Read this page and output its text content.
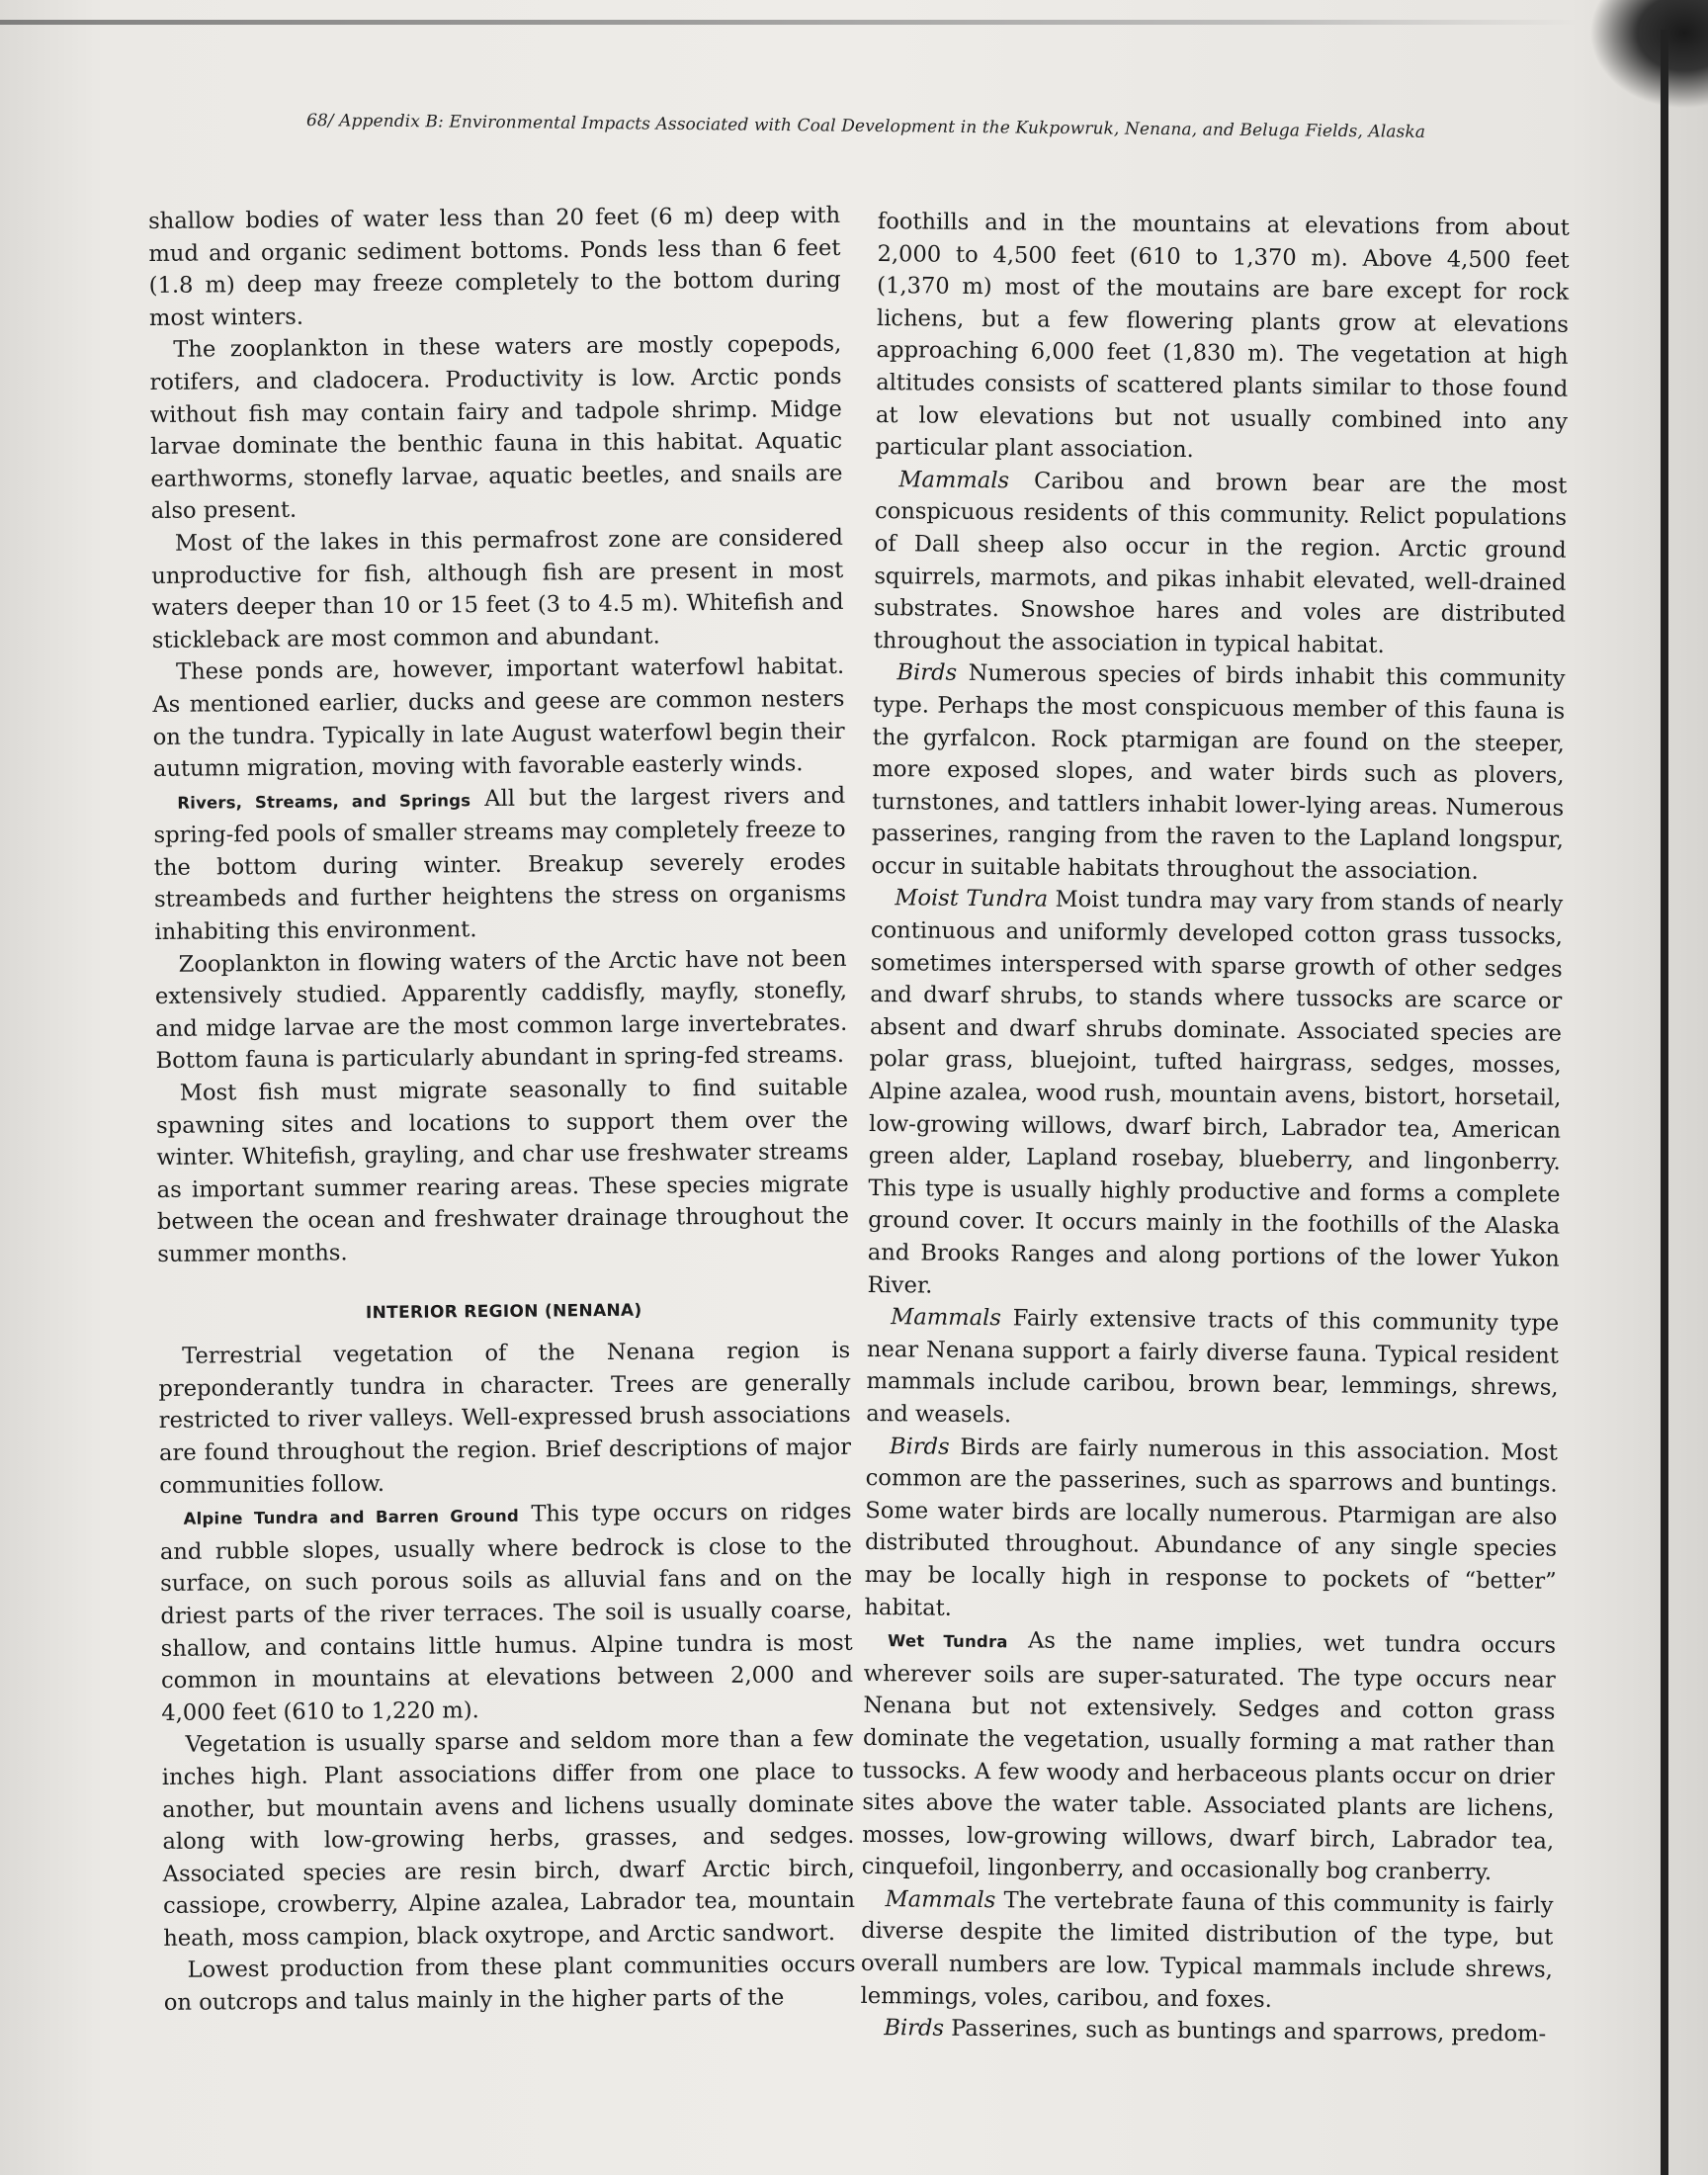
68/ Appendix B: Environmental Impacts Associated with Coal Development in the Kukpowruk, Nenana, and Beluga Fields, Alaska

shallow bodies of water less than 20 feet (6 m) deep with mud and organic sediment bottoms. Ponds less than 6 feet (1.8 m) deep may freeze completely to the bottom during most winters.

The zooplankton in these waters are mostly copepods, rotifers, and cladocera. Productivity is low. Arctic ponds without fish may contain fairy and tadpole shrimp. Midge larvae dominate the benthic fauna in this habitat. Aquatic earthworms, stonefly larvae, aquatic beetles, and snails are also present.

Most of the lakes in this permafrost zone are considered unproductive for fish, although fish are present in most waters deeper than 10 or 15 feet (3 to 4.5 m). Whitefish and stickleback are most common and abundant.

These ponds are, however, important waterfowl habitat. As mentioned earlier, ducks and geese are common nesters on the tundra. Typically in late August waterfowl begin their autumn migration, moving with favorable easterly winds.

Rivers, Streams, and Springs All but the largest rivers and spring-fed pools of smaller streams may completely freeze to the bottom during winter. Breakup severely erodes streambeds and further heightens the stress on organisms inhabiting this environment.

Zooplankton in flowing waters of the Arctic have not been extensively studied. Apparently caddisfly, mayfly, stonefly, and midge larvae are the most common large invertebrates. Bottom fauna is particularly abundant in spring-fed streams.

Most fish must migrate seasonally to find suitable spawning sites and locations to support them over the winter. Whitefish, grayling, and char use freshwater streams as important summer rearing areas. These species migrate between the ocean and freshwater drainage throughout the summer months.

INTERIOR REGION (NENANA)

Terrestrial vegetation of the Nenana region is preponderantly tundra in character. Trees are generally restricted to river valleys. Well-expressed brush associations are found throughout the region. Brief descriptions of major communities follow.

Alpine Tundra and Barren Ground This type occurs on ridges and rubble slopes, usually where bedrock is close to the surface, on such porous soils as alluvial fans and on the driest parts of the river terraces. The soil is usually coarse, shallow, and contains little humus. Alpine tundra is most common in mountains at elevations between 2,000 and 4,000 feet (610 to 1,220 m).

Vegetation is usually sparse and seldom more than a few inches high. Plant associations differ from one place to another, but mountain avens and lichens usually dominate along with low-growing herbs, grasses, and sedges. Associated species are resin birch, dwarf Arctic birch, cassiope, crowberry, Alpine azalea, Labrador tea, mountain heath, moss campion, black oxytrope, and Arctic sandwort.

Lowest production from these plant communities occurs on outcrops and talus mainly in the higher parts of the

foothills and in the mountains at elevations from about 2,000 to 4,500 feet (610 to 1,370 m). Above 4,500 feet (1,370 m) most of the moutains are bare except for rock lichens, but a few flowering plants grow at elevations approaching 6,000 feet (1,830 m). The vegetation at high altitudes consists of scattered plants similar to those found at low elevations but not usually combined into any particular plant association.

Mammals Caribou and brown bear are the most conspicuous residents of this community. Relict populations of Dall sheep also occur in the region. Arctic ground squirrels, marmots, and pikas inhabit elevated, well-drained substrates. Snowshoe hares and voles are distributed throughout the association in typical habitat.

Birds Numerous species of birds inhabit this community type. Perhaps the most conspicuous member of this fauna is the gyrfalcon. Rock ptarmigan are found on the steeper, more exposed slopes, and water birds such as plovers, turnstones, and tattlers inhabit lower-lying areas. Numerous passerines, ranging from the raven to the Lapland longspur, occur in suitable habitats throughout the association.

Moist Tundra Moist tundra may vary from stands of nearly continuous and uniformly developed cotton grass tussocks, sometimes interspersed with sparse growth of other sedges and dwarf shrubs, to stands where tussocks are scarce or absent and dwarf shrubs dominate. Associated species are polar grass, bluejoint, tufted hairgrass, sedges, mosses, Alpine azalea, wood rush, mountain avens, bistort, horsetail, low-growing willows, dwarf birch, Labrador tea, American green alder, Lapland rosebay, blueberry, and lingonberry. This type is usually highly productive and forms a complete ground cover. It occurs mainly in the foothills of the Alaska and Brooks Ranges and along portions of the lower Yukon River.

Mammals Fairly extensive tracts of this community type near Nenana support a fairly diverse fauna. Typical resident mammals include caribou, brown bear, lemmings, shrews, and weasels.

Birds Birds are fairly numerous in this association. Most common are the passerines, such as sparrows and buntings. Some water birds are locally numerous. Ptarmigan are also distributed throughout. Abundance of any single species may be locally high in response to pockets of “better” habitat.

Wet Tundra As the name implies, wet tundra occurs wherever soils are super-saturated. The type occurs near Nenana but not extensively. Sedges and cotton grass dominate the vegetation, usually forming a mat rather than tussocks. A few woody and herbaceous plants occur on drier sites above the water table. Associated plants are lichens, mosses, low-growing willows, dwarf birch, Labrador tea, cinquefoil, lingonberry, and occasionally bog cranberry.

Mammals The vertebrate fauna of this community is fairly diverse despite the limited distribution of the type, but overall numbers are low. Typical mammals include shrews, lemmings, voles, caribou, and foxes.

Birds Passerines, such as buntings and sparrows, predom-
